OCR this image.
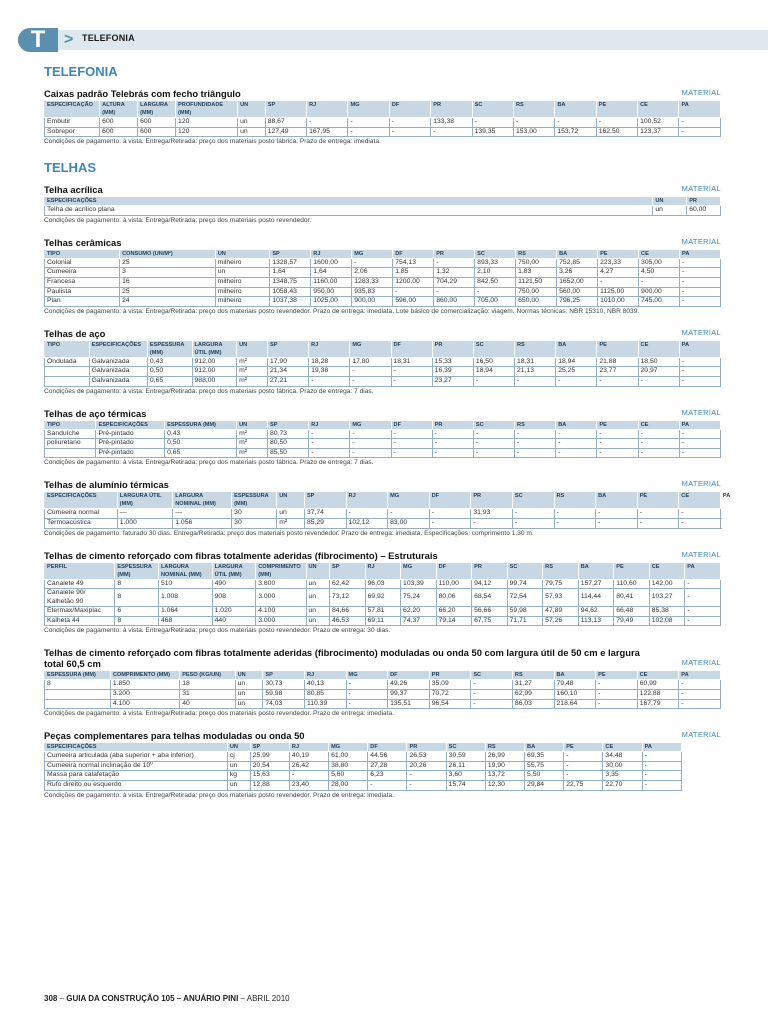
T	> TELEFONIA
TELEFONIA
MATERIAL
Caixas padrão Telebrás com fecho triângulo
ESPECIFICAÇÃO	ALTURA (MM)	LARGURA (MM)	PROFUNDIDADE (MM)	UN	SP	RJ	MG	DF	PR	SC	RS	BA	PE	CE	PA
Embutir	600	600	120	un	88,67	-	-	-	133,38	-	-	-	-	100,52	-
Sobrepor	600	600	120	un	127,49	167,95	-	-	-	139,35	153,00	153,72	162,50	123,37	-
Condições de pagamento: à vista. Entrega/Retirada: preço dos materiais posto fábrica. Prazo de entrega: imediata.
TELHAS
MATERIAL
Telha acrílica
ESPECIFICAÇÕES	UN	PR
Telha de acrílico plana	un	60,00
Condições de pagamento: à vista. Entrega/Retirada: preço dos materiais posto revendedor.
MATERIAL
Telhas cerâmicas
TIPO	CONSUMO (UN/M²)	UN	SP	RJ	MG	DF	PR	SC	RS	BA	PE	CE	PA
Colonial	25	milheiro	1328,57	1600,00	-	754,13	-	893,33	750,00	752,85	223,33	305,00	-
Cumeeira	3	un	1,64	1,64	2,06	1,85	1,32	2,10	1,83	3,26	4,27	4,50	-
Francesa	16	milheiro	1348,75	1160,00	1283,33	1200,00	704,29	842,50	1121,50	1652,00	-	-	-
Paulista	25	milheiro	1058,43	950,00	935,83	-	-	-	750,00	560,00	1125,00	900,00	-
Plan	24	milheiro	1037,38	1025,00	900,00	596,00	860,00	705,00	650,00	796,25	1010,00	745,00	-
Condições de pagamento: à vista. Entrega/Retirada: preço dos materiais posto revendedor. Prazo de entrega: imediata. Lote básico de comercialização: viagem. Normas técnicas: NBR 15310, NBR 8039.
MATERIAL
Telhas de aço
TIPO	ESPECIFICAÇÕES	ESPESSURA (MM)	LARGURA ÚTIL (MM)	UN	SP	RJ	MG	DF	PR	SC	RS	BA	PE	CE	PA
Ondulada	Galvanizada	0,43	912,00	m²	17,90	18,28	17,80	18,31	15,33	16,50	18,31	18,94	21,88	18,50	-
	Galvanizada	0,50	912,00	m²	21,34	19,38	-	-	16,39	18,94	21,13	25,25	23,77	20,97	-
	Galvanizada	0,65	988,00	m²	27,21	-	-	-	23,27	-	-	-	-	-	-
Condições de pagamento: à vista. Entrega/Retirada: preço dos materiais posto fábrica. Prazo de entrega: 7 dias.
MATERIAL
Telhas de aço térmicas
TIPO	ESPECIFICAÇÕES	ESPESSURA (MM)	UN	SP	RJ	MG	DF	PR	SC	RS	BA	PE	CE	PA
Sanduíche	Pré-pintado	0,43	m²	80,73	-	-	-	-	-	-	-	-	-	-
poliuretano	Pré-pintado	0,50	m²	80,50	-	-	-	-	-	-	-	-	-	-
	Pré-pintado	0,65	m²	85,50	-	-	-	-	-	-	-	-	-	-
Condições de pagamento: à vista. Entrega/Retirada: preço dos materiais posto fábrica. Prazo de entrega: 7 dias.
MATERIAL
Telhas de alumínio térmicas
ESPECIFICAÇÕES	LARGURA ÚTIL (MM)	LARGURA NOMINAL (MM)	ESPESSURA (MM)	UN	SP	RJ	MG	DF	PR	SC	RS	BA	PE	CE	PA
Cumeeira normal	—	—	30	un	37,74	-	-	-	31,93	-	-	-	-	-	
Termoacústica	1.000	1.056	30	m²	85,29	102,12	83,00	-	-	-	-	-	-	-	
Condições de pagamento: faturado 30 dias. Entrega/Retirada: preço dos materiais posto revendedor. Prazo de entrega: imediata. Especificações: comprimento 1,30 m.
MATERIAL
Telhas de cimento reforçado com fibras totalmente aderidas (fibrocimento) – Estruturais
PERFIL	ESPESSURA (MM)	LARGURA NOMINAL (MM)	LARGURA ÚTIL (MM)	COMPRIMENTO (MM)	UN	SP	RJ	MG	DF	PR	SC	RS	BA	PE	CE	PA
Canalete 49	8	510	490	3.600	un	62,42	96,03	103,39	110,00	94,12	99,74	79,75	157,27	110,60	142,00	-
Canalete 90/ Kalhetão 90	8	1.008	908	3.000	un	73,12	69,92	75,24	80,06	68,54	72,54	57,93	114,44	80,41	103,27	-
Etermax/Maxiplac	6	1.064	1.020	4.100	un	84,66	57,81	62,20	66,20	56,66	59,98	47,89	94,62	66,48	85,38	-
Kalheta 44	8	468	440	3.000	un	46,53	69,11	74,37	79,14	67,75	71,71	57,26	113,13	79,49	102,08	-
Condições de pagamento: à vista. Entrega/Retirada: preço dos materiais posto revendedor. Prazo de entrega: 30 dias.
MATERIAL
Telhas de cimento reforçado com fibras totalmente aderidas (fibrocimento) moduladas ou onda 50 com largura útil de 50 cm e largura total 60,5 cm
ESPESSURA (MM)	COMPRIMENTO (MM)	PESO (KG/UN)	UN	SP	RJ	MG	DF	PR	SC	RS	BA	PE	CE	PA
8	1.850	18	un	30,73	40,13	-	49,26	35,09	-	31,27	79,48	-	60,99	-
	3.200	31	un	59,98	80,85	-	99,37	70,72	-	62,99	160,10	-	122,88	-
	4.100	40	un	74,03	110,39	-	135,51	96,54	-	86,03	218,64	-	167,79	-
Condições de pagamento: à vista. Entrega/Retirada: preço dos materiais posto revendedor. Prazo de entrega: imediata.
MATERIAL
Peças complementares para telhas moduladas ou onda 50
ESPECIFICAÇÕES	UN	SP	RJ	MG	DF	PR	SC	RS	BA	PE	CE	PA
Cumeeira articulada (aba superior + aba inferior)	cj	25,99	40,19	61,00	44,56	26,53	30,59	26,99	69,35	-	34,48	-
Cumeeira normal inclinação de 10º	un	20,54	26,42	38,80	27,28	20,26	26,11	19,90	55,75	-	30,00	-
Massa para calafetação	kg	15,63	-	5,60	6,23	-	3,60	13,72	5,50	-	3,35	-
Rufo direito ou esquerdo	un	12,88	23,40	28,00	-	-	15,74	12,30	29,84	22,75	22,70	-
Condições de pagamento: à vista. Entrega/Retirada: preço dos materiais posto revendedor. Prazo de entrega: imediata.
308 – GUIA DA CONSTRUÇÃO 105 – ANUÁRIO PINI – ABRIL 2010
